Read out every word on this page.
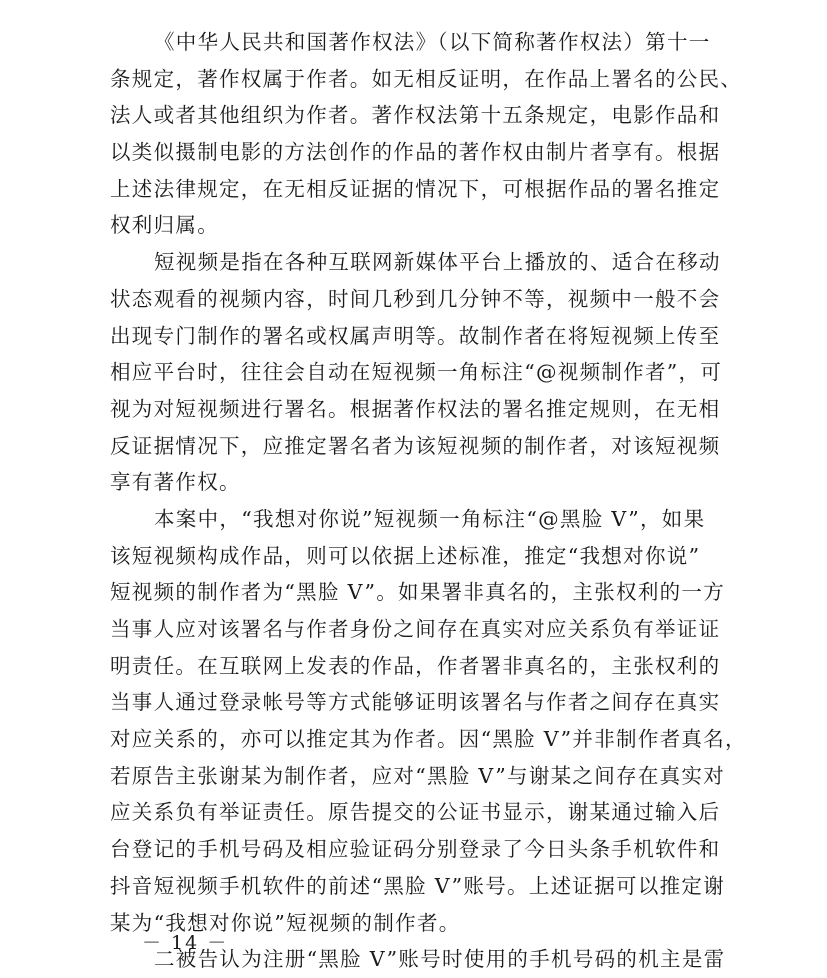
《中华人民共和国著作权法》（以下简称著作权法）第十一
条规定，著作权属于作者。如无相反证明，在作品上署名的公民、
法人或者其他组织为作者。著作权法第十五条规定，电影作品和
以类似摄制电影的方法创作的作品的著作权由制片者享有。根据
上述法律规定，在无相反证据的情况下，可根据作品的署名推定
权利归属。
短视频是指在各种互联网新媒体平台上播放的、适合在移动
状态观看的视频内容，时间几秒到几分钟不等，视频中一般不会
出现专门制作的署名或权属声明等。故制作者在将短视频上传至
相应平台时，往往会自动在短视频一角标注“@视频制作者”，可
视为对短视频进行署名。根据著作权法的署名推定规则，在无相
反证据情况下，应推定署名者为该短视频的制作者，对该短视频
享有著作权。
本案中，“我想对你说”短视频一角标注“@黑脸 V”，如果
该短视频构成作品，则可以依据上述标准，推定“我想对你说”
短视频的制作者为“黑脸 V”。如果署非真名的，主张权利的一方
当事人应对该署名与作者身份之间存在真实对应关系负有举证证
明责任。在互联网上发表的作品，作者署非真名的，主张权利的
当事人通过登录帐号等方式能够证明该署名与作者之间存在真实
对应关系的，亦可以推定其为作者。因“黑脸 V”并非制作者真名，
若原告主张谢某为制作者，应对“黑脸 V”与谢某之间存在真实对
应关系负有举证责任。原告提交的公证书显示，谢某通过输入后
台登记的手机号码及相应验证码分别登录了今日头条手机软件和
抖音短视频手机软件的前述“黑脸 V”账号。上述证据可以推定谢
某为“我想对你说”短视频的制作者。
二被告认为注册“黑脸 V”账号时使用的手机号码的机主是雷
－ 14 －
